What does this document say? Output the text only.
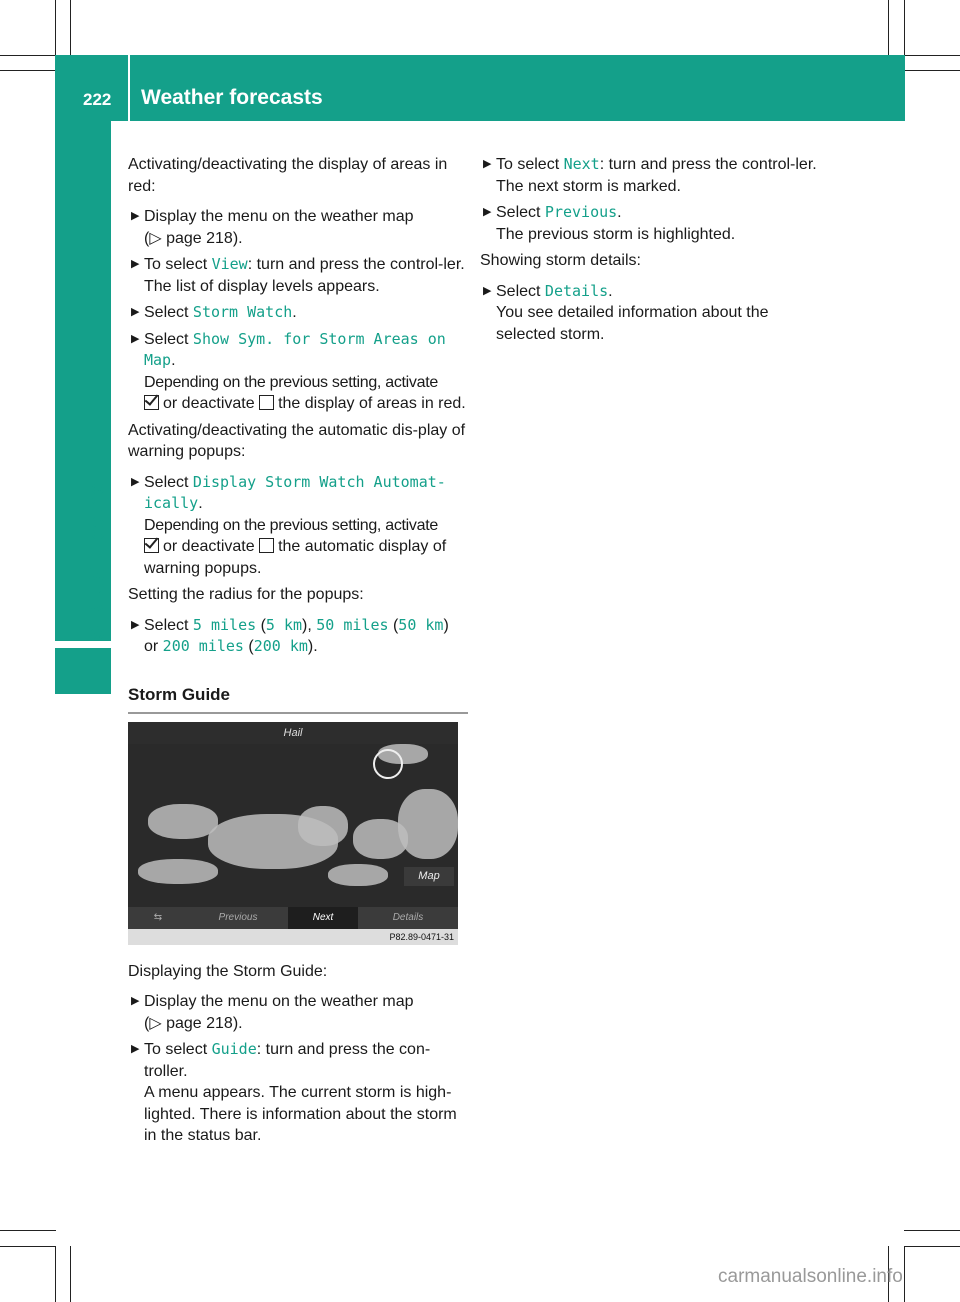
222 Weather forecasts
SIRIUS Weather

Activating/deactivating the display of areas in red:

▶ Display the menu on the weather map
(▷ page 218).
▶ To select View: turn and press the control-ler.
The list of display levels appears.
▶ Select Storm Watch.
▶ Select Show Sym. for Storm Areas on
Map.
Depending on the previous setting, activate
or deactivate the display of areas in red.

Activating/deactivating the automatic dis-play of warning popups:

▶ Select Display Storm Watch Automat‐
ically.
Depending on the previous setting, activate
or deactivate the automatic display of warning popups.

Setting the radius for the popups:

▶ Select 5 miles (5 km), 50 miles (50 km)
or 200 miles (200 km).
Storm Guide
Hail
Map
⇆	Previous	Next	Details
P82.89-0471-31

Displaying the Storm Guide:

▶ Display the menu on the weather map
(▷ page 218).
▶ To select Guide: turn and press the con-troller.
A menu appears. The current storm is high-lighted. There is information about the storm in the status bar.
▶ To select Next: turn and press the control-ler.
The next storm is marked.
▶ Select Previous.
The previous storm is highlighted.

Showing storm details:

▶ Select Details.
You see detailed information about the selected storm.
carmanualsonline.info
